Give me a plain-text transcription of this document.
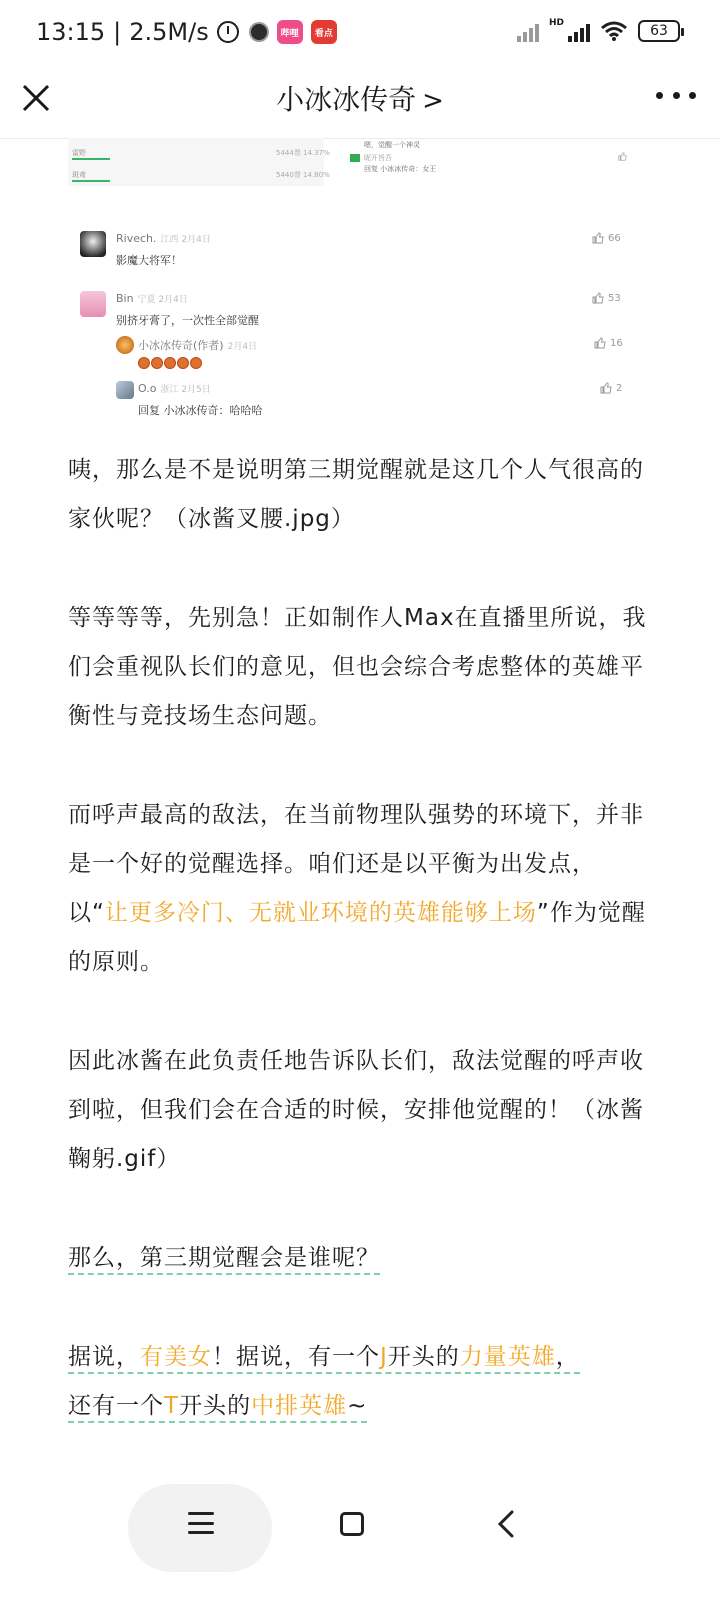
13:15 | 2.5M/s	哔哩	看点
HD	63
小冰冰传奇 >
雷野	5444票 14.37%
斑鸢	5440票 14.80%
嗯，觉醒一个神灵
昵开旨吾
回复 小冰冰传奇：女王
Rivech. 江西 2月4日
影魔大将军！
66
Bin 宁夏 2月4日
别挤牙膏了，一次性全部觉醒
53
小冰冰传奇(作者) 2月4日	16
O.o 浙江 2月5日
回复 小冰冰传奇：哈哈哈
2

咦，那么是不是说明第三期觉醒就是这几个人气很高的家伙呢？（冰酱叉腰.jpg）

等等等等，先别急！正如制作人Max在直播里所说，我们会重视队长们的意见，但也会综合考虑整体的英雄平衡性与竞技场生态问题。

而呼声最高的敌法，在当前物理队强势的环境下，并非是一个好的觉醒选择。咱们还是以平衡为出发点，以“让更多冷门、无就业环境的英雄能够上场”作为觉醒的原则。

因此冰酱在此负责任地告诉队长们，敌法觉醒的呼声收到啦，但我们会在合适的时候，安排他觉醒的！（冰酱鞠躬.gif）

那么，第三期觉醒会是谁呢？

据说，有美女！据说，有一个J开头的力量英雄，
还有一个T开头的中排英雄~
